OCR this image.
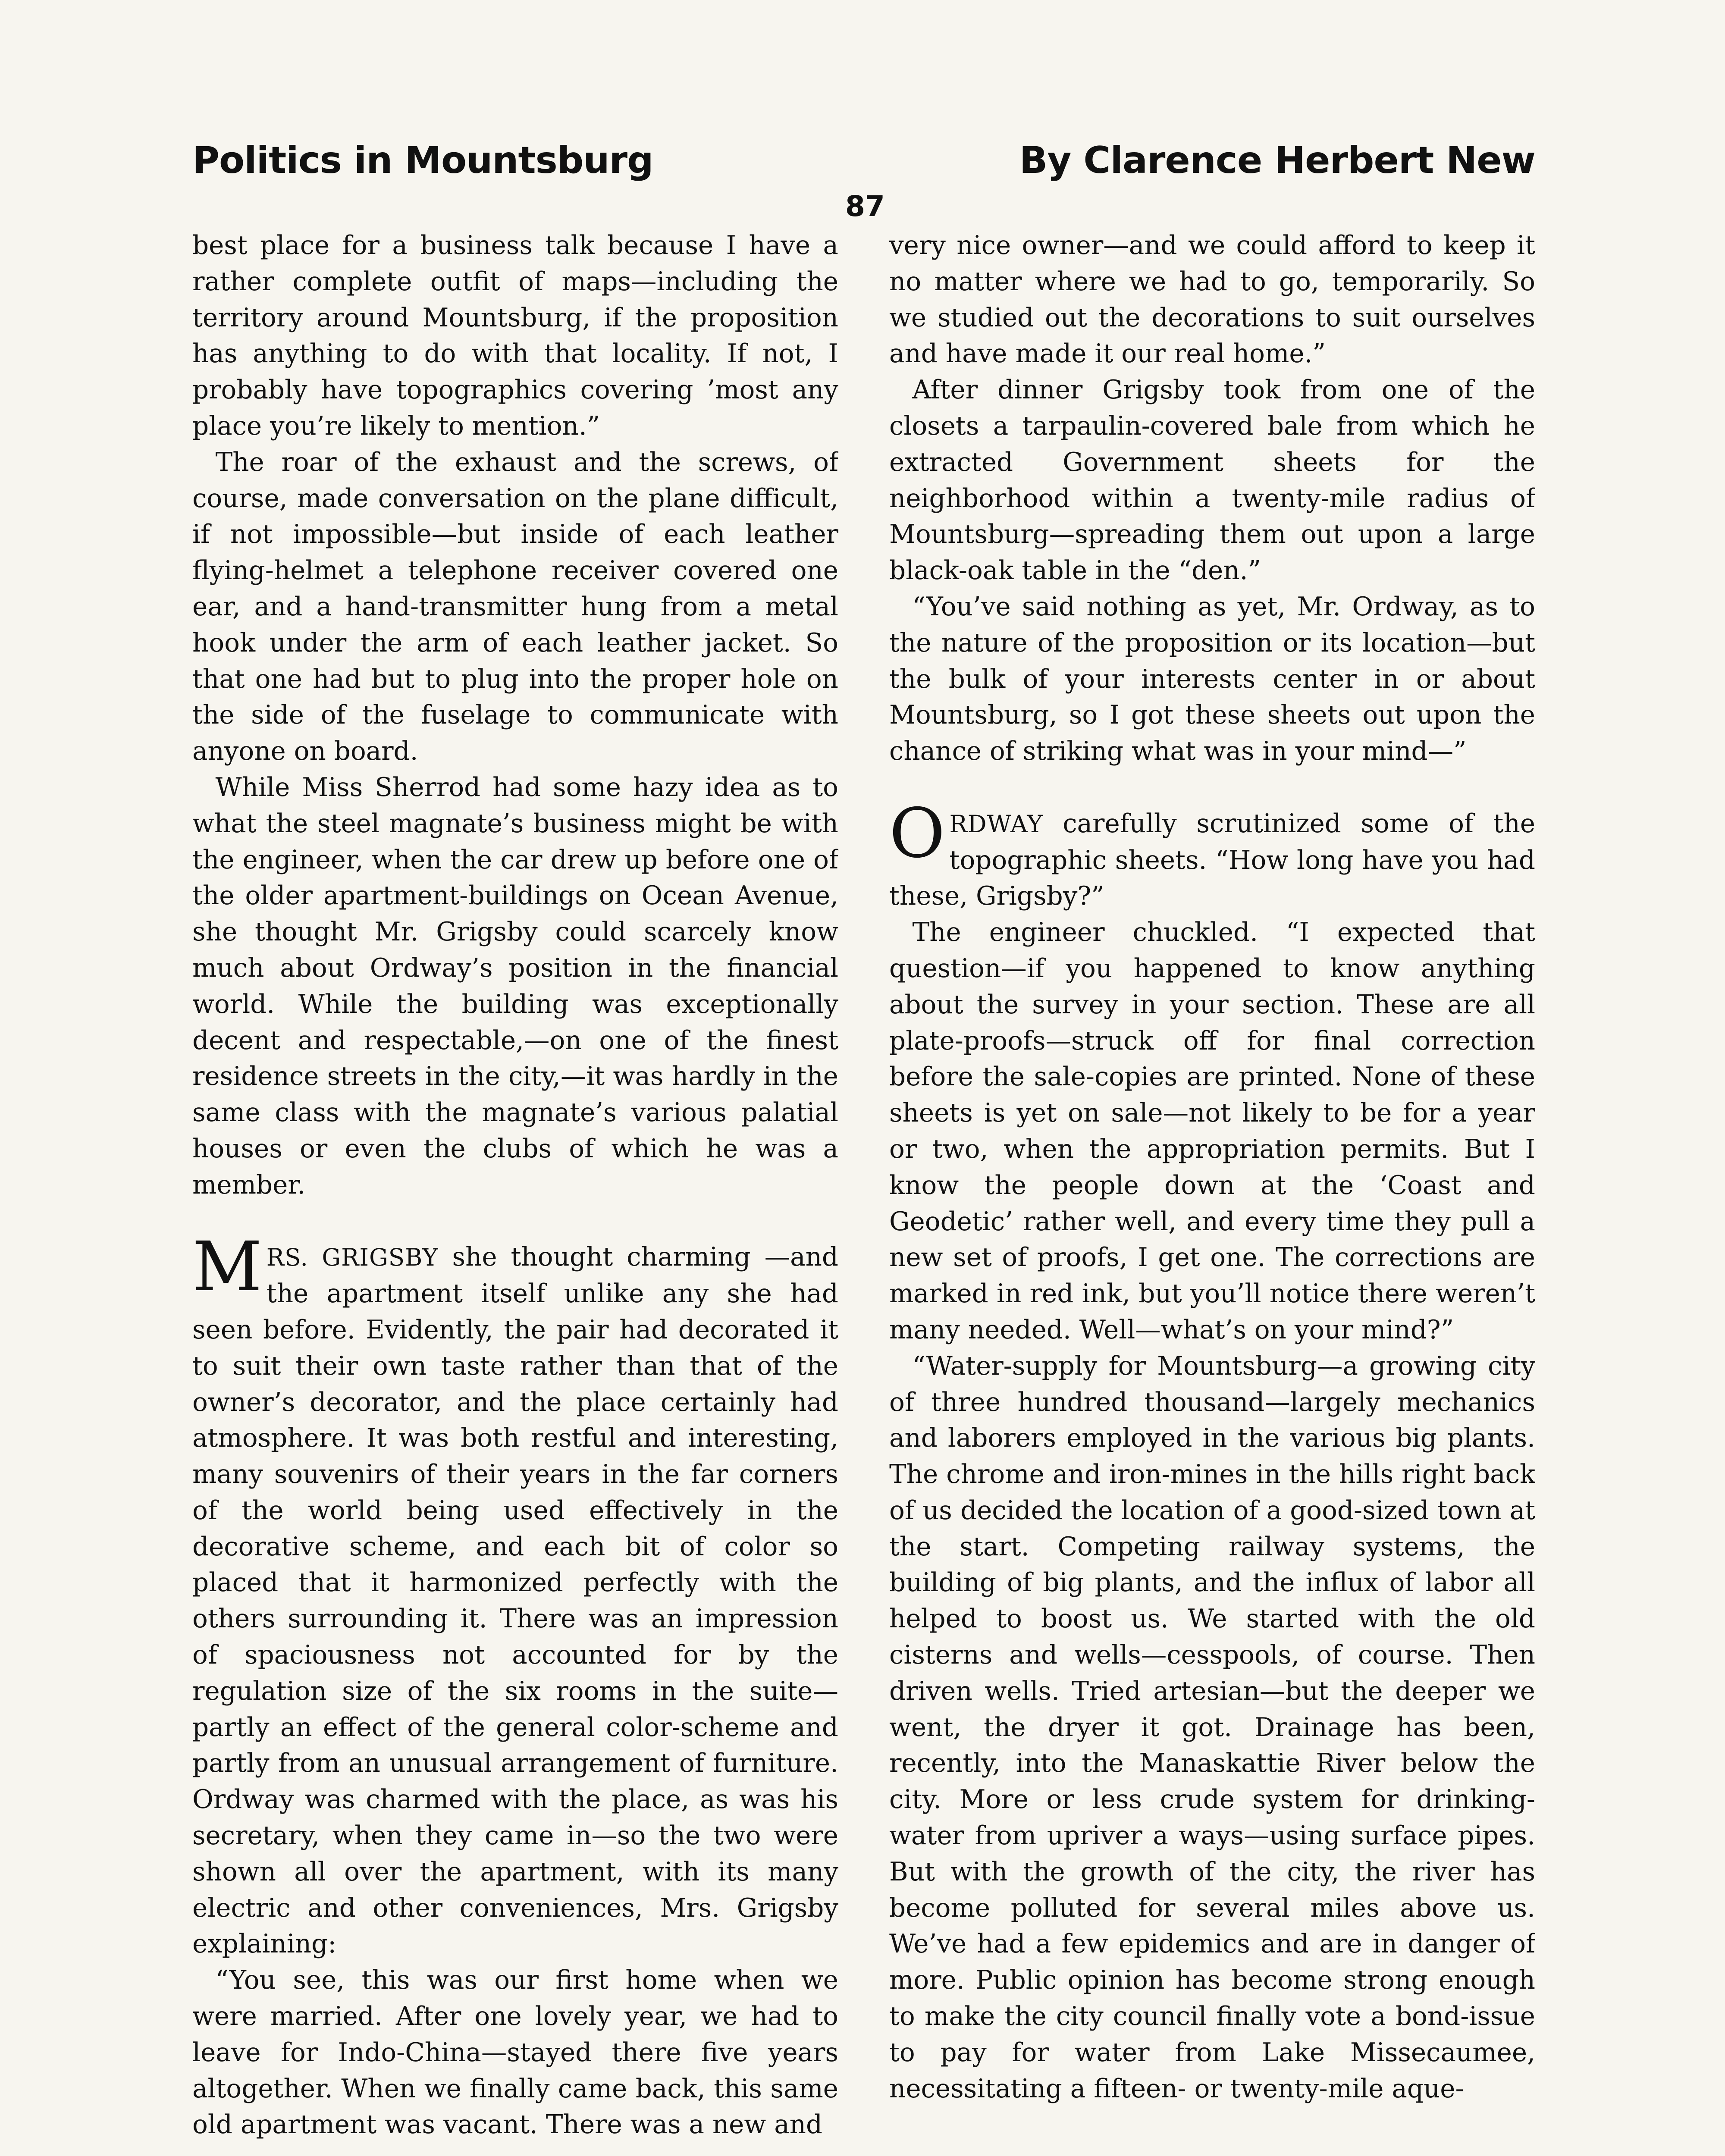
Politics in Mountsburg	By Clarence Herbert New
87

best place for a business talk because I have a rather complete outfit of maps—including the territory around Mountsburg, if the proposition has anything to do with that locality. If not, I probably have topographics covering ’most any place you’re likely to mention.”

The roar of the exhaust and the screws, of course, made conversation on the plane difficult, if not impossible—but inside of each leather flying-helmet a telephone receiver covered one ear, and a hand-transmitter hung from a metal hook under the arm of each leather jacket. So that one had but to plug into the proper hole on the side of the fuselage to communicate with anyone on board.

While Miss Sherrod had some hazy idea as to what the steel magnate’s business might be with the engineer, when the car drew up before one of the older apartment-buildings on Ocean Avenue, she thought Mr. Grigsby could scarcely know much about Ordway’s position in the financial world. While the building was exceptionally decent and respectable,—on one of the finest residence streets in the city,—it was hardly in the same class with the magnate’s various palatial houses or even the clubs of which he was a member.

MRS. GRIGSBY she thought charming —and the apartment itself unlike any she had seen before. Evidently, the pair had decorated it to suit their own taste rather than that of the owner’s decorator, and the place certainly had atmosphere. It was both restful and interesting, many souvenirs of their years in the far corners of the world being used effectively in the decorative scheme, and each bit of color so placed that it harmonized perfectly with the others surrounding it. There was an impression of spaciousness not accounted for by the regulation size of the six rooms in the suite—partly an effect of the general color-scheme and partly from an unusual arrangement of furniture. Ordway was charmed with the place, as was his secretary, when they came in—so the two were shown all over the apartment, with its many electric and other conveniences, Mrs. Grigsby explaining:

“You see, this was our first home when we were married. After one lovely year, we had to leave for Indo-China—stayed there five years altogether. When we finally came back, this same old apartment was vacant. There was a new and

very nice owner—and we could afford to keep it no matter where we had to go, temporarily. So we studied out the decorations to suit ourselves and have made it our real home.”

After dinner Grigsby took from one of the closets a tarpaulin-covered bale from which he extracted Government sheets for the neighborhood within a twenty-mile radius of Mountsburg—spreading them out upon a large black-oak table in the “den.”

“You’ve said nothing as yet, Mr. Ordway, as to the nature of the proposition or its location—but the bulk of your interests center in or about Mountsburg, so I got these sheets out upon the chance of striking what was in your mind—”

ORDWAY carefully scrutinized some of the topographic sheets. “How long have you had these, Grigsby?”

The engineer chuckled. “I expected that question—if you happened to know anything about the survey in your section. These are all plate-proofs—struck off for final correction before the sale-copies are printed. None of these sheets is yet on sale—not likely to be for a year or two, when the appropriation permits. But I know the people down at the ‘Coast and Geodetic’ rather well, and every time they pull a new set of proofs, I get one. The corrections are marked in red ink, but you’ll notice there weren’t many needed. Well—what’s on your mind?”

“Water-supply for Mountsburg—a growing city of three hundred thousand—largely mechanics and laborers employed in the various big plants. The chrome and iron-mines in the hills right back of us decided the location of a good-sized town at the start. Competing railway systems, the building of big plants, and the influx of labor all helped to boost us. We started with the old cisterns and wells—cesspools, of course. Then driven wells. Tried artesian—but the deeper we went, the dryer it got. Drainage has been, recently, into the Manaskattie River below the city. More or less crude system for drinking-water from upriver a ways—using surface pipes. But with the growth of the city, the river has become polluted for several miles above us. We’ve had a few epidemics and are in danger of more. Public opinion has become strong enough to make the city council finally vote a bond-issue to pay for water from Lake Missecaumee, necessitating a fifteen- or twenty-mile aque-
